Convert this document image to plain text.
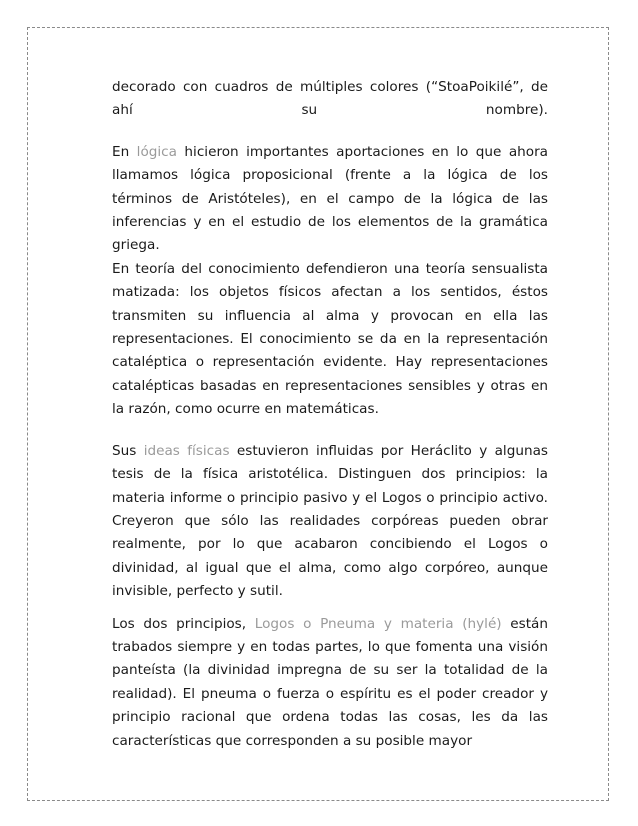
decorado con cuadros de múltiples colores (“StoaPoikilé”, de
ahí su nombre).

En lógica hicieron importantes aportaciones en lo que ahora llamamos lógica proposicional (frente a la lógica de los términos de Aristóteles), en el campo de la lógica de las inferencias y en el estudio de los elementos de la gramática griega.

En teoría del conocimiento defendieron una teoría sensualista matizada: los objetos físicos afectan a los sentidos, éstos transmiten su influencia al alma y provocan en ella las representaciones. El conocimiento se da en la representación cataléptica o representación evidente. Hay representaciones catalépticas basadas en representaciones sensibles y otras en la razón, como ocurre en matemáticas.

Sus ideas físicas estuvieron influidas por Heráclito y algunas tesis de la física aristotélica. Distinguen dos principios: la materia informe o principio pasivo y el Logos o principio activo. Creyeron que sólo las realidades corpóreas pueden obrar realmente, por lo que acabaron concibiendo el Logos o divinidad, al igual que el alma, como algo corpóreo, aunque invisible, perfecto y sutil.

Los dos principios, Logos o Pneuma y materia (hylé) están trabados siempre y en todas partes, lo que fomenta una visión panteísta (la divinidad impregna de su ser la totalidad de la realidad). El pneuma o fuerza o espíritu es el poder creador y principio racional que ordena todas las cosas, les da las características que corresponden a su posible mayor
